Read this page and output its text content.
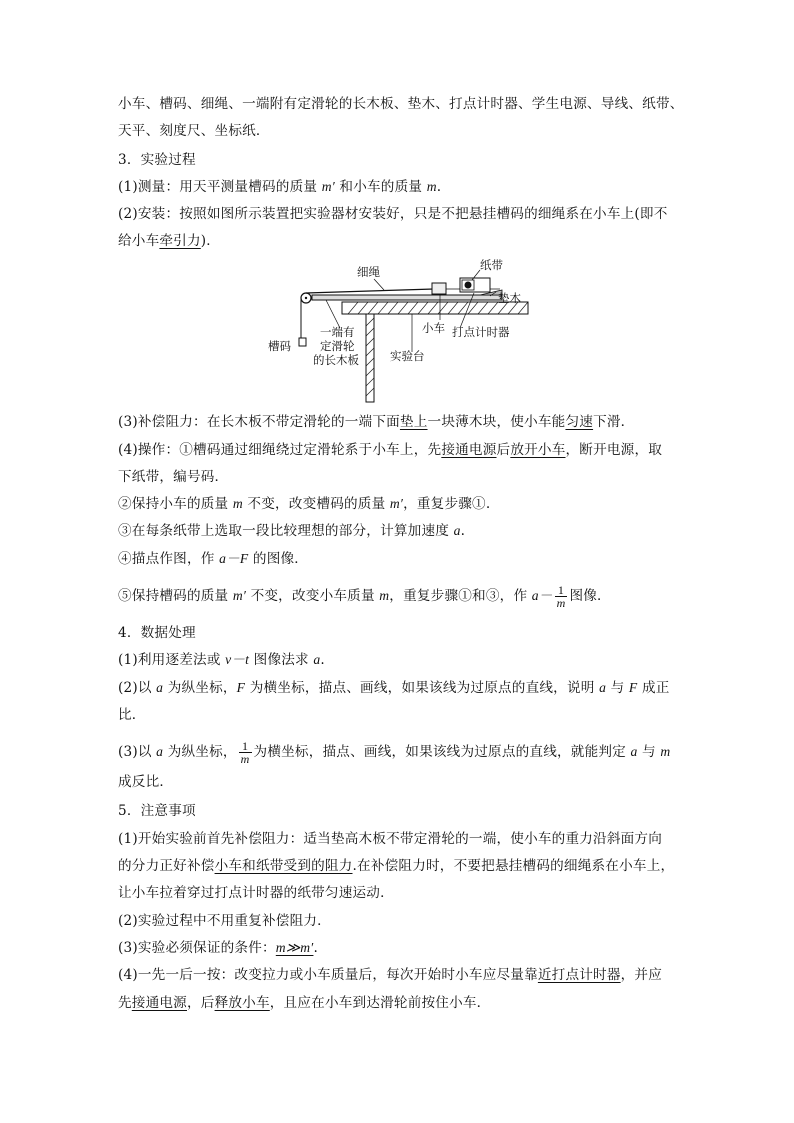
小车、槽码、细绳、一端附有定滑轮的长木板、垫木、打点计时器、学生电源、导线、纸带、
天平、刻度尺、坐标纸．
3．实验过程
(1)测量：用天平测量槽码的质量 m′ 和小车的质量 m.
(2)安装：按照如图所示装置把实验器材安装好，只是不把悬挂槽码的细绳系在小车上(即不
给小车牵引力)．
细绳	纸带
垫木
小车 打点计时器
槽码
一端有
定滑轮
的长木板	实验台
(3)补偿阻力：在长木板不带定滑轮的一端下面垫上一块薄木块，使小车能匀速下滑．
(4)操作：①槽码通过细绳绕过定滑轮系于小车上，先接通电源后放开小车，断开电源，取
下纸带，编号码．
②保持小车的质量 m 不变，改变槽码的质量 m′，重复步骤①.
③在每条纸带上选取一段比较理想的部分，计算加速度 a.
④描点作图，作 a－F 的图像．
⑤保持槽码的质量 m′ 不变，改变小车质量 m，重复步骤①和③，作 $a- \frac{1}{m}$ 图像．
4．数据处理
(1)利用逐差法或 v－t 图像法求 a.
(2)以 a 为纵坐标，F 为横坐标，描点、画线，如果该线为过原点的直线，说明 a 与 F 成正
比．
(3)以 a 为纵坐标， $\frac{1}{m}$ 为横坐标，描点、画线，如果该线为过原点的直线，就能判定 a 与 m
成反比．
5．注意事项
(1)开始实验前首先补偿阻力：适当垫高木板不带定滑轮的一端，使小车的重力沿斜面方向
的分力正好补偿小车和纸带受到的阻力.在补偿阻力时，不要把悬挂槽码的细绳系在小车上，
让小车拉着穿过打点计时器的纸带匀速运动．
(2)实验过程中不用重复补偿阻力．
(3)实验必须保证的条件：m≫m′.
(4)一先一后一按：改变拉力或小车质量后，每次开始时小车应尽量靠近打点计时器，并应
先接通电源，后释放小车，且应在小车到达滑轮前按住小车．
